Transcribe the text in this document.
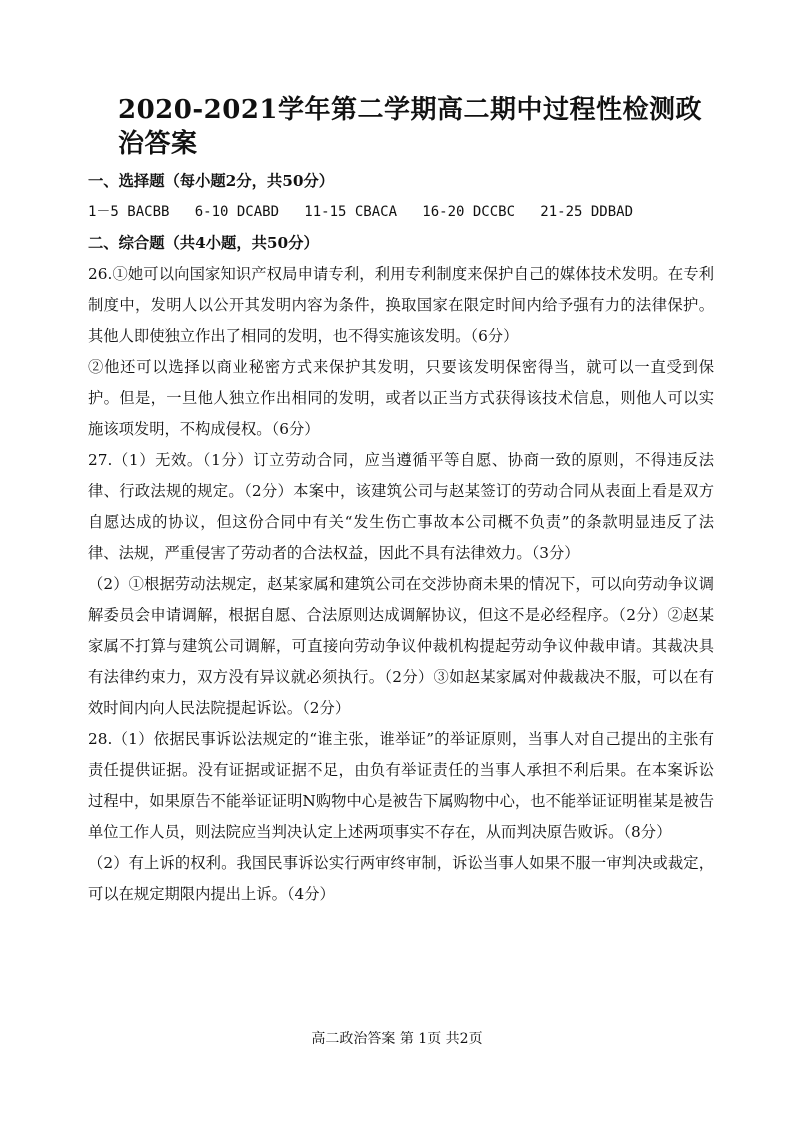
2020-2021学年第二学期高二期中过程性检测政治答案

一、选择题（每小题2分，共50分）

1－5 BACBB   6-10 DCABD   11-15 CBACA   16-20 DCCBC   21-25 DDBAD

二、综合题（共4小题，共50分）

26.①她可以向国家知识产权局申请专利，利用专利制度来保护自己的媒体技术发明。在专利制度中，发明人以公开其发明内容为条件，换取国家在限定时间内给予强有力的法律保护。其他人即使独立作出了相同的发明，也不得实施该发明。（6分）

②他还可以选择以商业秘密方式来保护其发明，只要该发明保密得当，就可以一直受到保护。但是，一旦他人独立作出相同的发明，或者以正当方式获得该技术信息，则他人可以实施该项发明，不构成侵权。（6分）

27.（1）无效。（1分）订立劳动合同，应当遵循平等自愿、协商一致的原则，不得违反法律、行政法规的规定。（2分）本案中，该建筑公司与赵某签订的劳动合同从表面上看是双方自愿达成的协议，但这份合同中有关“发生伤亡事故本公司概不负责”的条款明显违反了法律、法规，严重侵害了劳动者的合法权益，因此不具有法律效力。（3分）

（2）①根据劳动法规定，赵某家属和建筑公司在交涉协商未果的情况下，可以向劳动争议调解委员会申请调解，根据自愿、合法原则达成调解协议，但这不是必经程序。（2分）②赵某家属不打算与建筑公司调解，可直接向劳动争议仲裁机构提起劳动争议仲裁申请。其裁决具有法律约束力，双方没有异议就必须执行。（2分）③如赵某家属对仲裁裁决不服，可以在有效时间内向人民法院提起诉讼。（2分）

28.（1）依据民事诉讼法规定的“谁主张，谁举证”的举证原则，当事人对自己提出的主张有责任提供证据。没有证据或证据不足，由负有举证责任的当事人承担不利后果。在本案诉讼过程中，如果原告不能举证证明N购物中心是被告下属购物中心，也不能举证证明崔某是被告单位工作人员，则法院应当判决认定上述两项事实不存在，从而判决原告败诉。（8分）

（2）有上诉的权利。我国民事诉讼实行两审终审制，诉讼当事人如果不服一审判决或裁定，可以在规定期限内提出上诉。（4分）

高二政治答案 第 1页 共2页
